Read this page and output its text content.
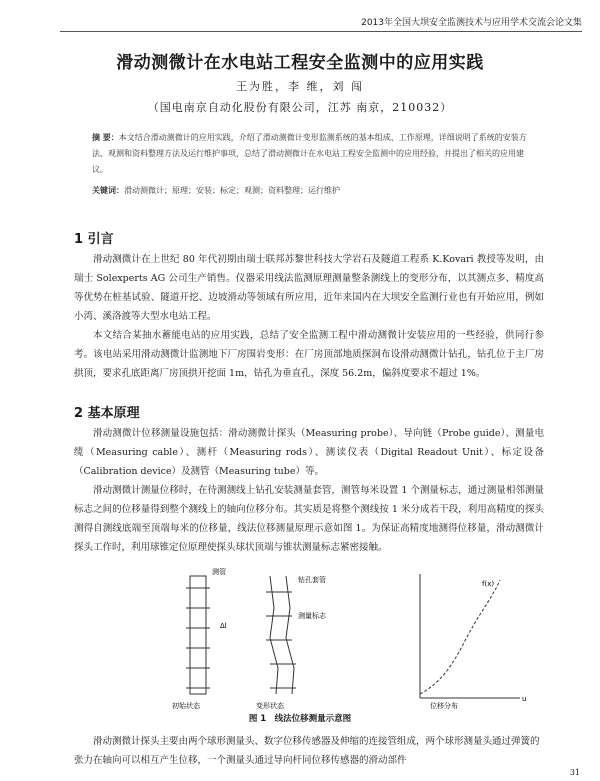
2013年全国大坝安全监测技术与应用学术交流会论文集
滑动测微计在水电站工程安全监测中的应用实践
王为胜，李 维，刘 闯
（国电南京自动化股份有限公司，江苏 南京，210032）
摘 要：本文结合滑动测微计的应用实践，介绍了滑动测微计变形监测系统的基本组成、工作原理，详细说明了系统的安装方法、观测和资料整理方法及运行维护事项，总结了滑动测微计在水电站工程安全监测中的应用经验，并提出了相关的应用建议。
关键词：滑动测微计；原理；安装；标定；观测；资料整理；运行维护
1 引言

滑动测微计在上世纪 80 年代初期由瑞士联邦苏黎世科技大学岩石及隧道工程系 K.Kovari 教授等发明，由瑞士 Solexperts AG 公司生产销售。仪器采用线法监测原理测量整条测线上的变形分布，以其测点多、精度高等优势在桩基试验、隧道开挖、边坡滑动等领域有所应用，近年来国内在大坝安全监测行业也有开始应用，例如小湾、溪洛渡等大型水电站工程。

本文结合某抽水蓄能电站的应用实践，总结了安全监测工程中滑动测微计安装应用的一些经验，供同行参考。该电站采用滑动测微计监测地下厂房围岩变形：在厂房顶部地质探洞布设滑动测微计钻孔，钻孔位于主厂房拱顶，要求孔底距离厂房顶拱开挖面 1m，钻孔为垂直孔，深度 56.2m，偏斜度要求不超过 1%。

2 基本原理

滑动测微计位移测量设施包括：滑动测微计探头（Measuring probe）、导向链（Probe guide）、测量电缆（Measuring cable）、测杆（Measuring rods）、测读仪表（Digital Readout Unit）、标定设备（Calibration device）及测管（Measuring tube）等。

滑动测微计测量位移时，在待测测线上钻孔安装测量套管，测管每米设置 1 个测量标志，通过测量相邻测量标志之间的位移量得到整个测线上的轴向位移分布。其实质是将整个测线按 1 米分成若干段，利用高精度的探头测得自测线底端至顶端每米的位移量，线法位移测量原理示意如图 1。为保证高精度地测得位移量，滑动测微计探头工作时，利用球锥定位原理使探头球状顶端与锥状测量标志紧密接触。

测管
初始状态
钻孔套管
测量标志
变形状态
Δl
f(x)
u
位移分布
图 1　线法位移测量示意图

滑动测微计探头主要由两个球形测量头、数字位移传感器及伸缩的连接管组成，两个球形测量头通过弹簧的张力在轴向可以相互产生位移，一个测量头通过导向杆同位移传感器的滑动部件

31
